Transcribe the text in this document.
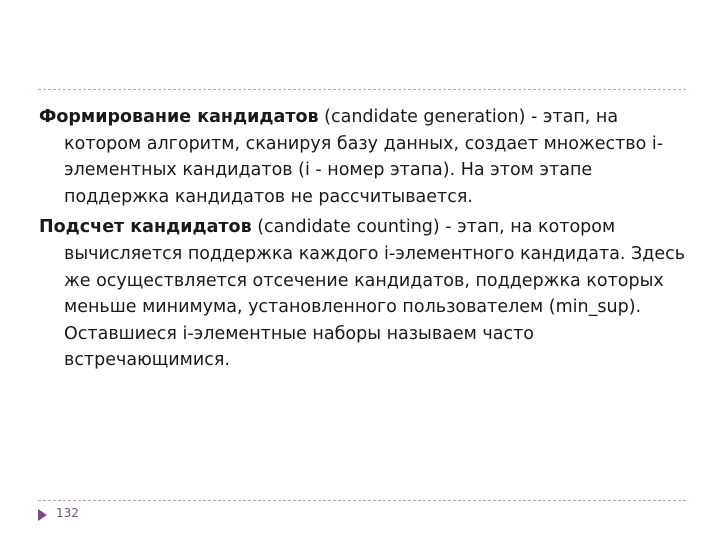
Формирование кандидатов (candidate generation) - этап, на котором алгоритм, сканируя базу данных, создает множество i-элементных кандидатов (i - номер этапа). На этом этапе поддержка кандидатов не рассчитывается.

Подсчет кандидатов (candidate counting) - этап, на котором вычисляется поддержка каждого i-элементного кандидата. Здесь же осуществляется отсечение кандидатов, поддержка которых меньше минимума, установленного пользователем (min_sup). Оставшиеся i-элементные наборы называем часто встречающимися.

132
